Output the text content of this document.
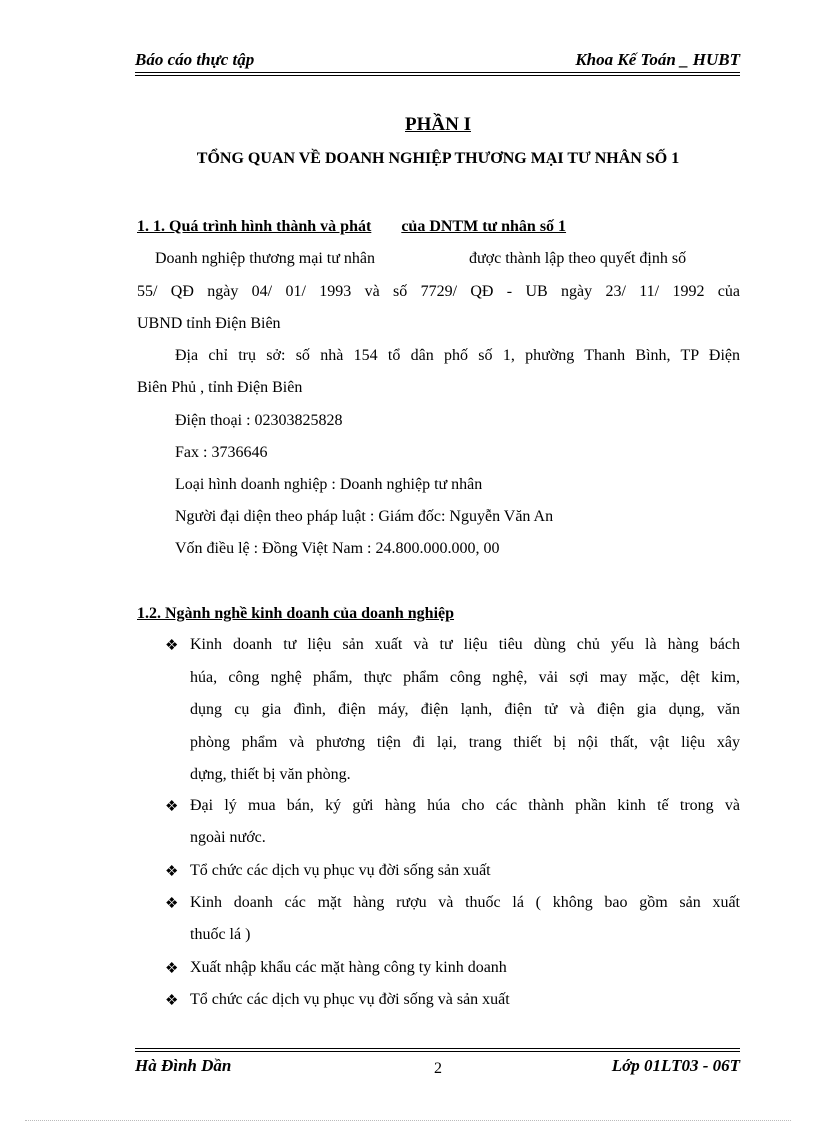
Báo cáo thực tập	Khoa Kế Toán _ HUBT
PHẦN I
TỔNG QUAN VỀ DOANH NGHIỆP THƯƠNG MẠI TƯ NHÂN SỐ 1
1. 1. Quá trình hình thành và phát của DNTM tư nhân số 1
Doanh nghiệp thương mại tư nhân	được thành lập theo quyết định số
55/ QĐ ngày 04/ 01/ 1993 và số 7729/ QĐ - UB ngày 23/ 11/ 1992 của
UBND tỉnh Điện Biên
Địa chỉ trụ sở: số nhà 154 tổ dân phố số 1, phường Thanh Bình, TP Điện
Biên Phủ , tỉnh Điện Biên
Điện thoại : 02303825828
Fax : 3736646
Loại hình doanh nghiệp : Doanh nghiệp tư nhân
Người đại diện theo pháp luật : Giám đốc: Nguyễn Văn An
Vốn điều lệ : Đồng Việt Nam : 24.800.000.000, 00
1.2. Ngành nghề kinh doanh của doanh nghiệp
❖ Kinh doanh tư liệu sản xuất và tư liệu tiêu dùng chủ yếu là hàng bách
húa, công nghệ phẩm, thực phẩm công nghệ, vải sợi may mặc, dệt kim,
dụng cụ gia đình, điện máy, điện lạnh, điện tử và điện gia dụng, văn
phòng phẩm và phương tiện đi lại, trang thiết bị nội thất, vật liệu xây
dựng, thiết bị văn phòng.
❖ Đại lý mua bán, ký gửi hàng húa cho các thành phần kinh tế trong và
ngoài nước.
❖ Tổ chức các dịch vụ phục vụ đời sống sản xuất
❖ Kinh doanh các mặt hàng rượu và thuốc lá ( không bao gồm sản xuất
thuốc lá )
❖ Xuất nhập khẩu các mặt hàng công ty kinh doanh
❖ Tổ chức các dịch vụ phục vụ đời sống và sản xuất
Hà Đình Dần	2	Lớp 01LT03 - 06T
